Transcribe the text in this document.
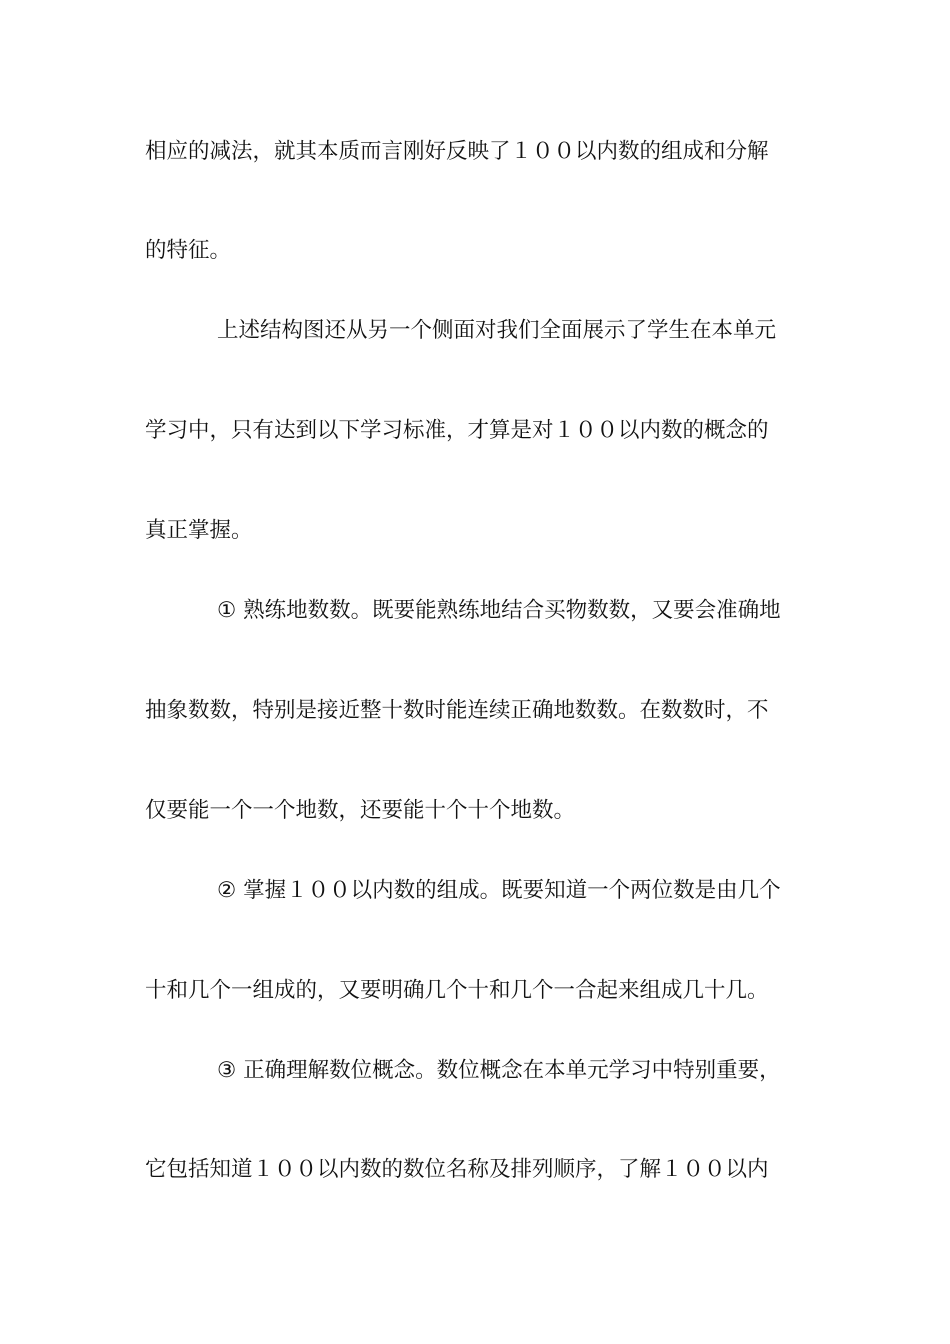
相应的减法，就其本质而言刚好反映了１００以内数的组成和分解
的特征。
上述结构图还从另一个侧面对我们全面展示了学生在本单元
学习中，只有达到以下学习标准，才算是对１００以内数的概念的
真正掌握。
① 熟练地数数。既要能熟练地结合买物数数，又要会准确地
抽象数数，特别是接近整十数时能连续正确地数数。在数数时，不
仅要能一个一个地数，还要能十个十个地数。
② 掌握１００以内数的组成。既要知道一个两位数是由几个
十和几个一组成的，又要明确几个十和几个一合起来组成几十几。
③ 正确理解数位概念。数位概念在本单元学习中特别重要，
它包括知道１００以内数的数位名称及排列顺序，了解１００以内
